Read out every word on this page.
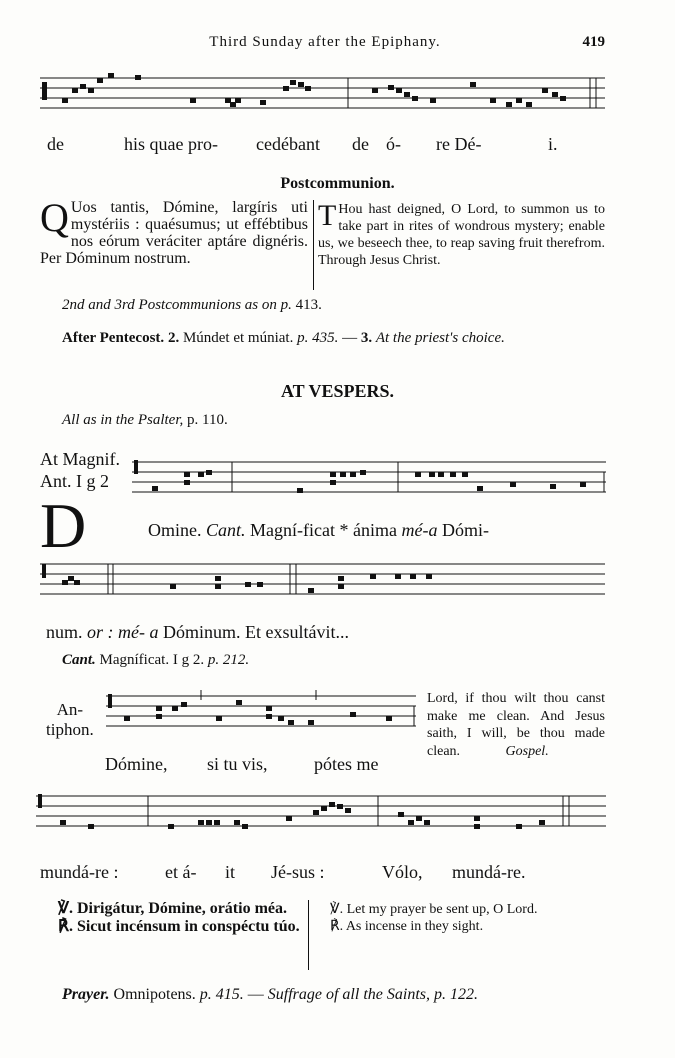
Third Sunday after the Epiphany.	419
de	his quae pro- cedébant de ó- re Dé-	i.
Postcommunion.
Q Uos tantis, Dómine, largíris uti mystériis : quaésumus; ut effébtibus nos eórum veráciter aptáre dignéris. Per Dóminum nostrum.
T Hou hast deigned, O Lord, to summon us to take part in rites of wondrous mystery; enable us, we beseech thee, to reap saving fruit therefrom. Through Jesus Christ.
2nd and 3rd Postcommunions as on p. 413.
After Pentecost. 2. Múndet et múniat. p. 435. — 3. At the priest's choice.
AT VESPERS.
All as in the Psalter, p. 110.
At Magnif.
Ant. I g 2
D	Omine. Cant. Magní-ficat * ánima mé-a Dómi-
num. or : mé- a Dóminum. Et exsultávit...
Cant. Magníficat. I g 2. p. 212.
An-
tiphon.
Dómine, si tu vis,	pótes me
Lord, if thou wilt thou canst make me clean. And Jesus saith, I will, be thou made clean.	Gospel.
mundá-re :	et á- it Jé-sus :	Vólo, mundá-re.
℣. Dirigátur, Dómine, orátio méa.
℟. Sicut incénsum in conspéctu túo.
℣. Let my prayer be sent up, O Lord.
℟. As incense in they sight.
Prayer. Omnipotens. p. 415. — Suffrage of all the Saints, p. 122.
